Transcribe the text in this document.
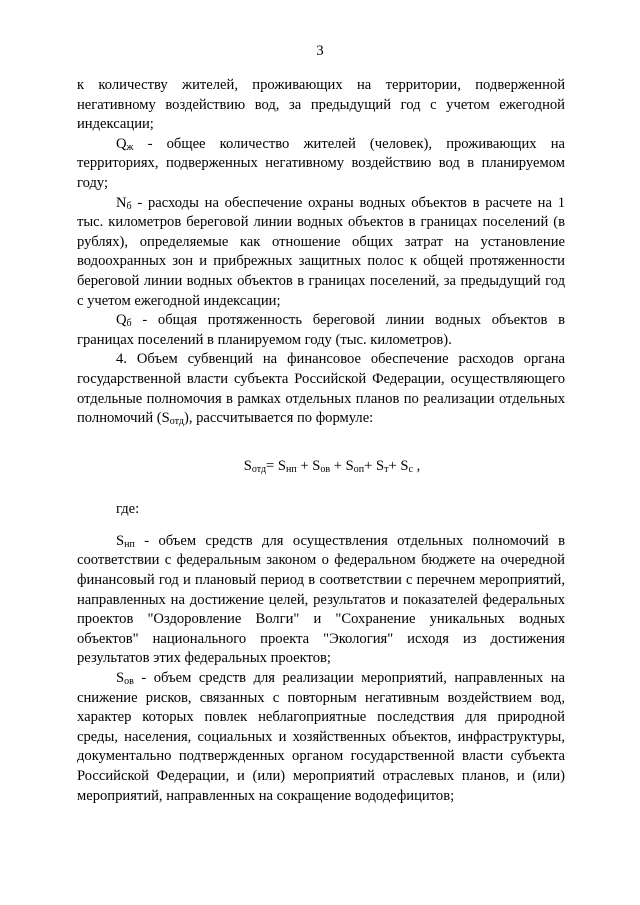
3

к количеству жителей, проживающих на территории, подверженной негативному воздействию вод, за предыдущий год с учетом ежегодной индексации;

$Q_ж$ - общее количество жителей (человек), проживающих на территориях, подверженных негативному воздействию вод в планируемом году;

$N_б$ - расходы на обеспечение охраны водных объектов в расчете на 1 тыс. километров береговой линии водных объектов в границах поселений (в рублях), определяемые как отношение общих затрат на установление водоохранных зон и прибрежных защитных полос к общей протяженности береговой линии водных объектов в границах поселений, за предыдущий год с учетом ежегодной индексации;

$Q_б$ - общая протяженность береговой линии водных объектов в границах поселений в планируемом году (тыс. километров).

4. Объем субвенций на финансовое обеспечение расходов органа государственной власти субъекта Российской Федерации, осуществляющего отдельные полномочия в рамках отдельных планов по реализации отдельных полномочий $(S_{отд})$, рассчитывается по формуле:

$S_{отд}= S_{нп} + S_{ов} + S_{оп}+ S_т+ S_с$ ,

где:

$S_{нп}$ - объем средств для осуществления отдельных полномочий в соответствии с федеральным законом о федеральном бюджете на очередной финансовый год и плановый период в соответствии с перечнем мероприятий, направленных на достижение целей, результатов и показателей федеральных проектов "Оздоровление Волги" и "Сохранение уникальных водных объектов" национального проекта "Экология" исходя из достижения результатов этих федеральных проектов;

$S_{ов}$ - объем средств для реализации мероприятий, направленных на снижение рисков, связанных с повторным негативным воздействием вод, характер которых повлек неблагоприятные последствия для природной среды, населения, социальных и хозяйственных объектов, инфраструктуры, документально подтвержденных органом государственной власти субъекта Российской Федерации, и (или) мероприятий отраслевых планов, и (или) мероприятий, направленных на сокращение вододефицитов;
